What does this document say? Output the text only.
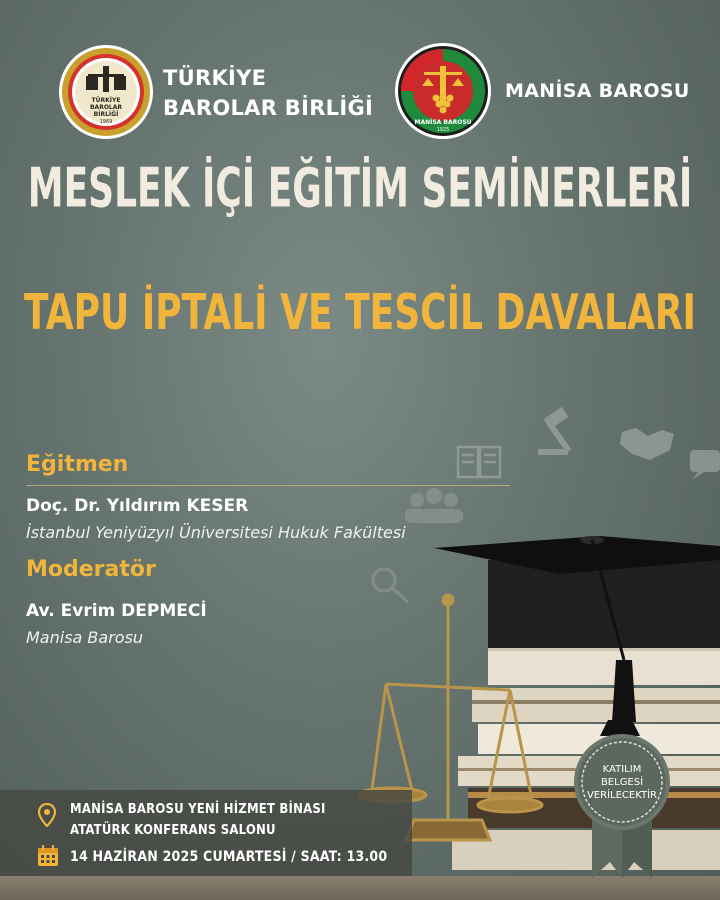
TÜRKİYE
BAROLAR
BİRLİĞİ
1969
TÜRKİYE
BAROLAR BİRLİĞİ
MANİSA BAROSU
1925
MANİSA BAROSU
MESLEK İÇİ EĞİTİM SEMİNERLERİ
TAPU İPTALİ VE TESCİL DAVALARI
Eğitmen
Doç. Dr. Yıldırım KESER
İstanbul Yeniyüzyıl Üniversitesi Hukuk Fakültesi
Moderatör
Av. Evrim DEPMECİ
Manisa Barosu
MANİSA BAROSU YENİ HİZMET BİNASI
ATATÜRK KONFERANS SALONU
14 HAZİRAN 2025 CUMARTESİ / SAAT: 13.00
KATILIM
BELGESİ
VERİLECEKTİR
